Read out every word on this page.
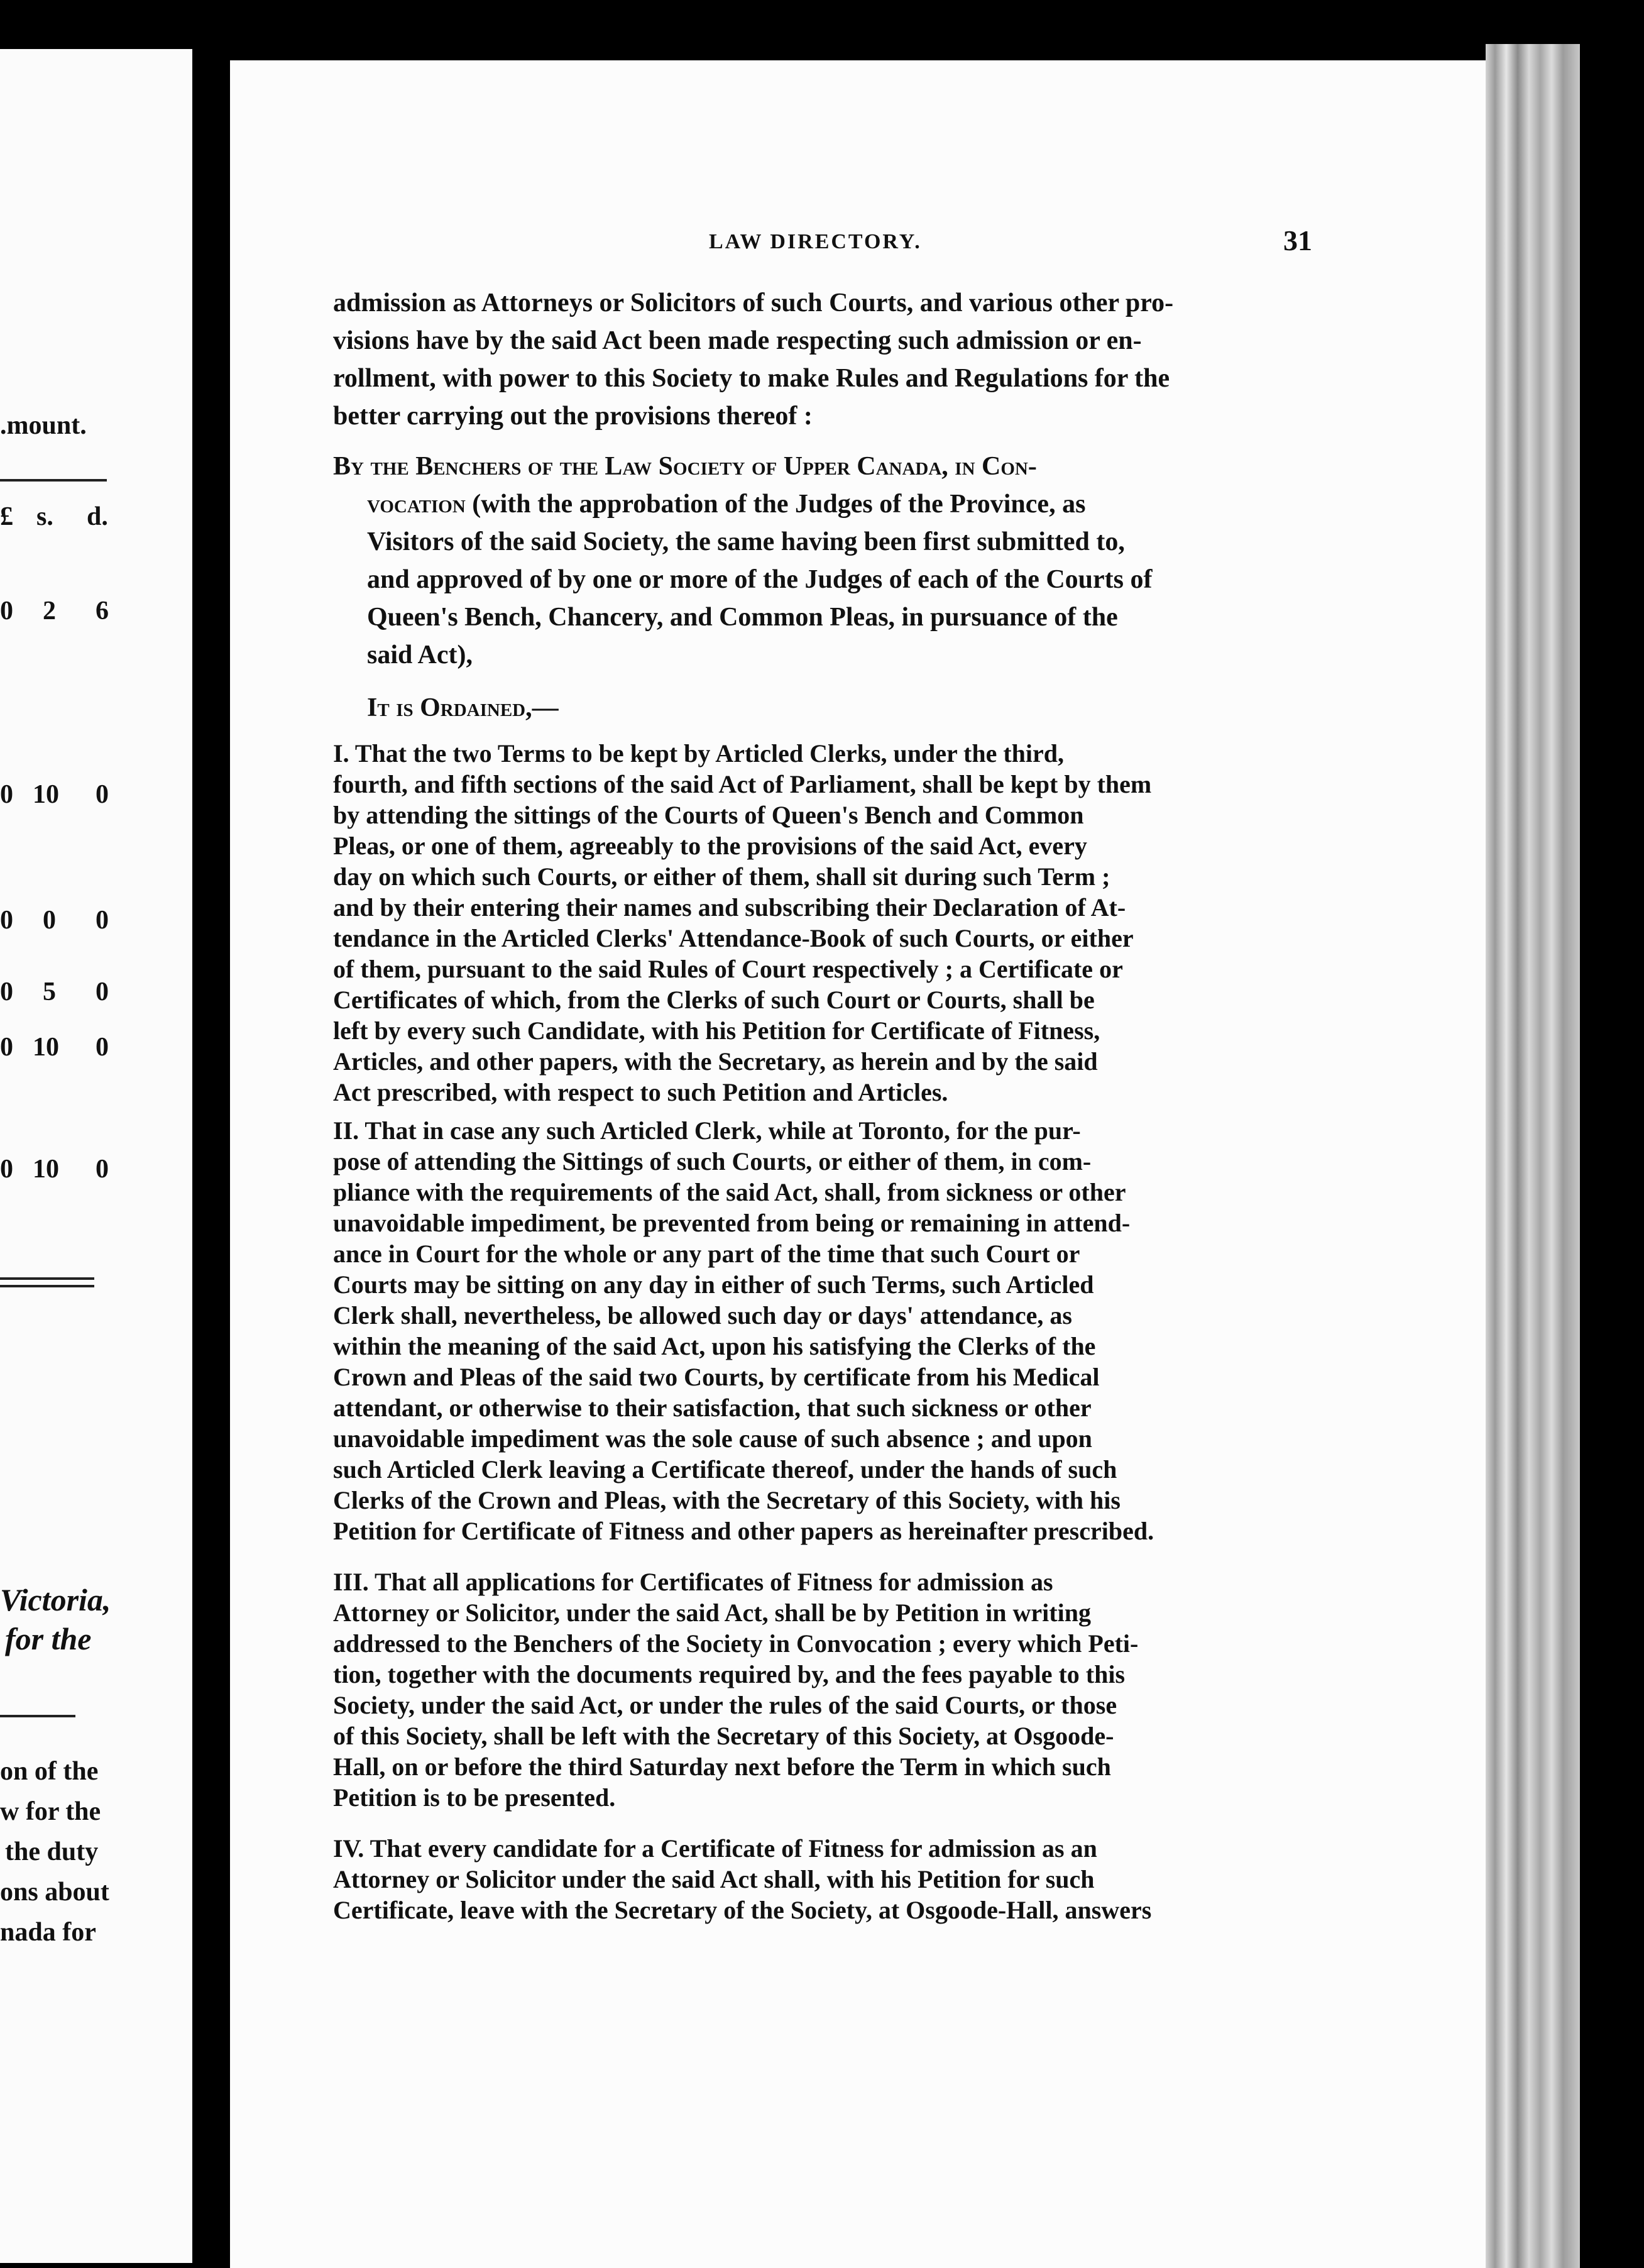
.mount.
£ s. d.
0 2 6
0 10 0
0 0 0
0 5 0
0 10 0
0 10 0
Victoria,
for the
on of the
w for the
the duty
ons about
nada for
LAW DIRECTORY.	31

admission as Attorneys or Solicitors of such Courts, and various other pro-
visions have by the said Act been made respecting such admission or en-
rollment, with power to this Society to make Rules and Regulations for the
better carrying out the provisions thereof :

By the Benchers of the Law Society of Upper Canada, in Con-
vocation (with the approbation of the Judges of the Province, as
Visitors of the said Society, the same having been first submitted to,
and approved of by one or more of the Judges of each of the Courts of
Queen's Bench, Chancery, and Common Pleas, in pursuance of the
said Act),

It is Ordained,—

I. That the two Terms to be kept by Articled Clerks, under the third,
fourth, and fifth sections of the said Act of Parliament, shall be kept by them
by attending the sittings of the Courts of Queen's Bench and Common
Pleas, or one of them, agreeably to the provisions of the said Act, every
day on which such Courts, or either of them, shall sit during such Term ;
and by their entering their names and subscribing their Declaration of At-
tendance in the Articled Clerks' Attendance-Book of such Courts, or either
of them, pursuant to the said Rules of Court respectively ; a Certificate or
Certificates of which, from the Clerks of such Court or Courts, shall be
left by every such Candidate, with his Petition for Certificate of Fitness,
Articles, and other papers, with the Secretary, as herein and by the said
Act prescribed, with respect to such Petition and Articles.

II. That in case any such Articled Clerk, while at Toronto, for the pur-
pose of attending the Sittings of such Courts, or either of them, in com-
pliance with the requirements of the said Act, shall, from sickness or other
unavoidable impediment, be prevented from being or remaining in attend-
ance in Court for the whole or any part of the time that such Court or
Courts may be sitting on any day in either of such Terms, such Articled
Clerk shall, nevertheless, be allowed such day or days' attendance, as
within the meaning of the said Act, upon his satisfying the Clerks of the
Crown and Pleas of the said two Courts, by certificate from his Medical
attendant, or otherwise to their satisfaction, that such sickness or other
unavoidable impediment was the sole cause of such absence ; and upon
such Articled Clerk leaving a Certificate thereof, under the hands of such
Clerks of the Crown and Pleas, with the Secretary of this Society, with his
Petition for Certificate of Fitness and other papers as hereinafter prescribed.

III. That all applications for Certificates of Fitness for admission as
Attorney or Solicitor, under the said Act, shall be by Petition in writing
addressed to the Benchers of the Society in Convocation ; every which Peti-
tion, together with the documents required by, and the fees payable to this
Society, under the said Act, or under the rules of the said Courts, or those
of this Society, shall be left with the Secretary of this Society, at Osgoode-
Hall, on or before the third Saturday next before the Term in which such
Petition is to be presented.

IV. That every candidate for a Certificate of Fitness for admission as an
Attorney or Solicitor under the said Act shall, with his Petition for such
Certificate, leave with the Secretary of the Society, at Osgoode-Hall, answers
